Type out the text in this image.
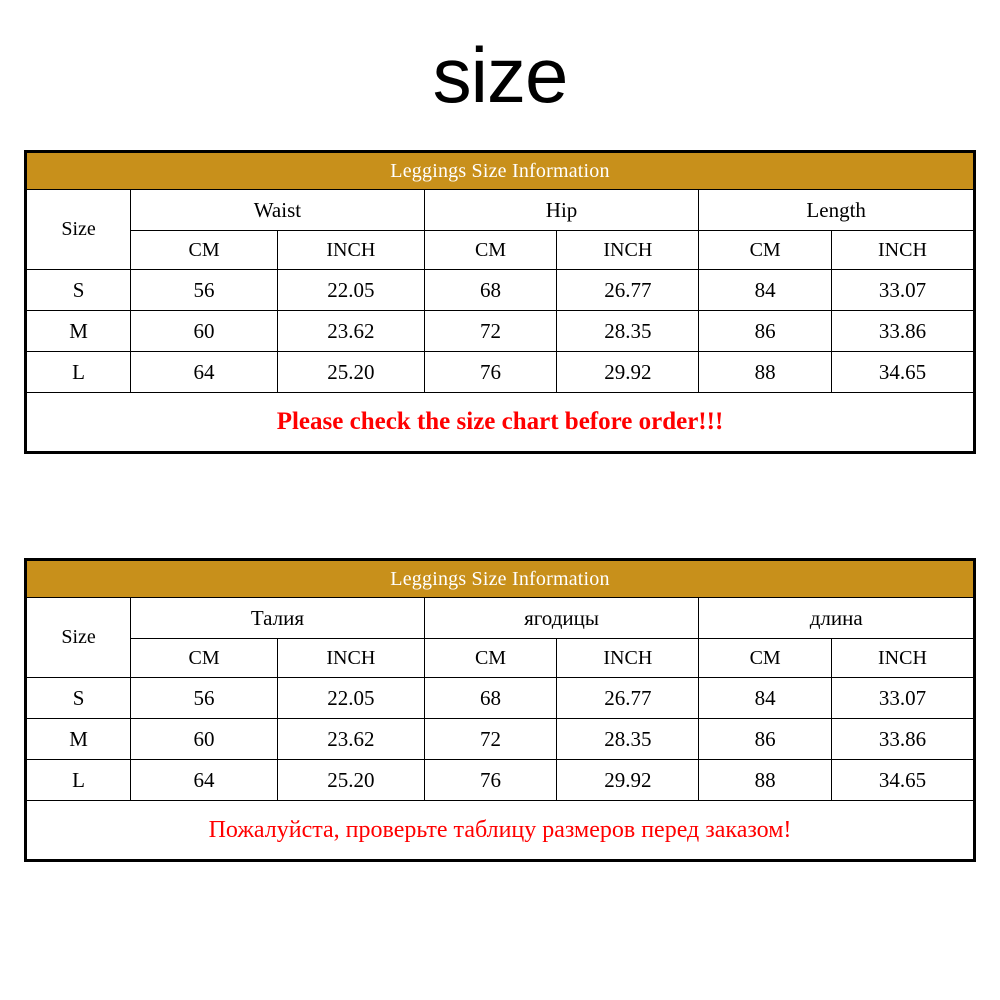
size
Leggings Size Information						
Size	Waist		Hip		Length	
	CM	INCH	CM	INCH	CM	INCH
S	56	22.05	68	26.77	84	33.07
M	60	23.62	72	28.35	86	33.86
L	64	25.20	76	29.92	88	34.65
Please check the size chart before order!!!						
Leggings Size Information						
Size	Талия		ягодицы		длина	
	CM	INCH	CM	INCH	CM	INCH
S	56	22.05	68	26.77	84	33.07
M	60	23.62	72	28.35	86	33.86
L	64	25.20	76	29.92	88	34.65
Пожалуйста, проверьте таблицу размеров перед заказом!						
